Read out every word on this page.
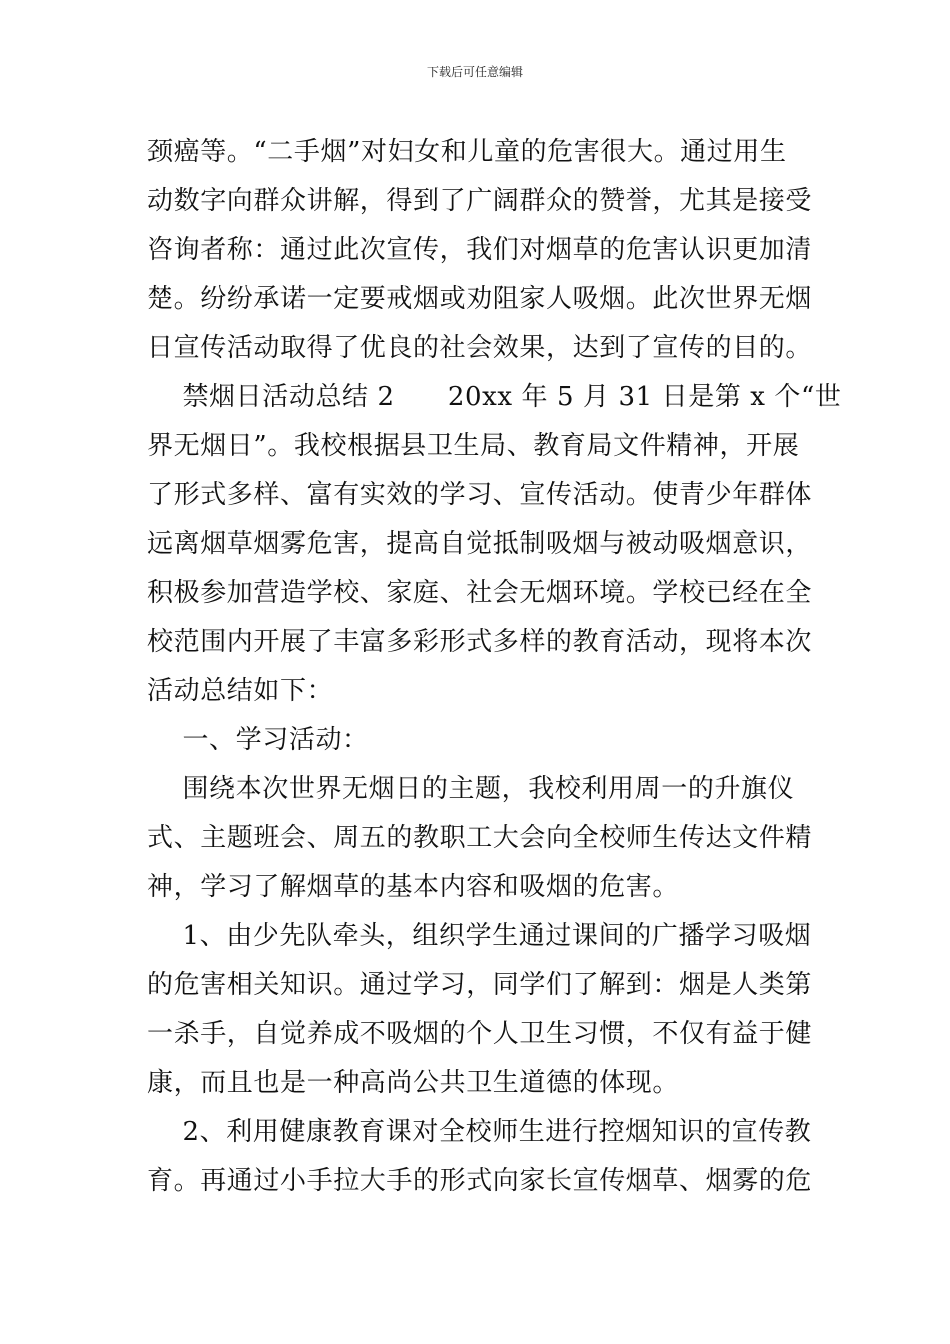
下载后可任意编辑
颈癌等。“二手烟”对妇女和儿童的危害很大。通过用生
动数字向群众讲解，得到了广阔群众的赞誉，尤其是接受
咨询者称：通过此次宣传，我们对烟草的危害认识更加清
楚。纷纷承诺一定要戒烟或劝阻家人吸烟。此次世界无烟
日宣传活动取得了优良的社会效果，达到了宣传的目的。
禁烟日活动总结 2      20xx 年 5 月 31 日是第 x 个“世
界无烟日”。我校根据县卫生局、教育局文件精神，开展
了形式多样、富有实效的学习、宣传活动。使青少年群体
远离烟草烟雾危害，提高自觉抵制吸烟与被动吸烟意识，
积极参加营造学校、家庭、社会无烟环境。学校已经在全
校范围内开展了丰富多彩形式多样的教育活动，现将本次
活动总结如下：
一、学习活动：
围绕本次世界无烟日的主题，我校利用周一的升旗仪
式、主题班会、周五的教职工大会向全校师生传达文件精
神，学习了解烟草的基本内容和吸烟的危害。
1、由少先队牵头，组织学生通过课间的广播学习吸烟
的危害相关知识。通过学习，同学们了解到：烟是人类第
一杀手，自觉养成不吸烟的个人卫生习惯，不仅有益于健
康，而且也是一种高尚公共卫生道德的体现。
2、利用健康教育课对全校师生进行控烟知识的宣传教
育。再通过小手拉大手的形式向家长宣传烟草、烟雾的危
